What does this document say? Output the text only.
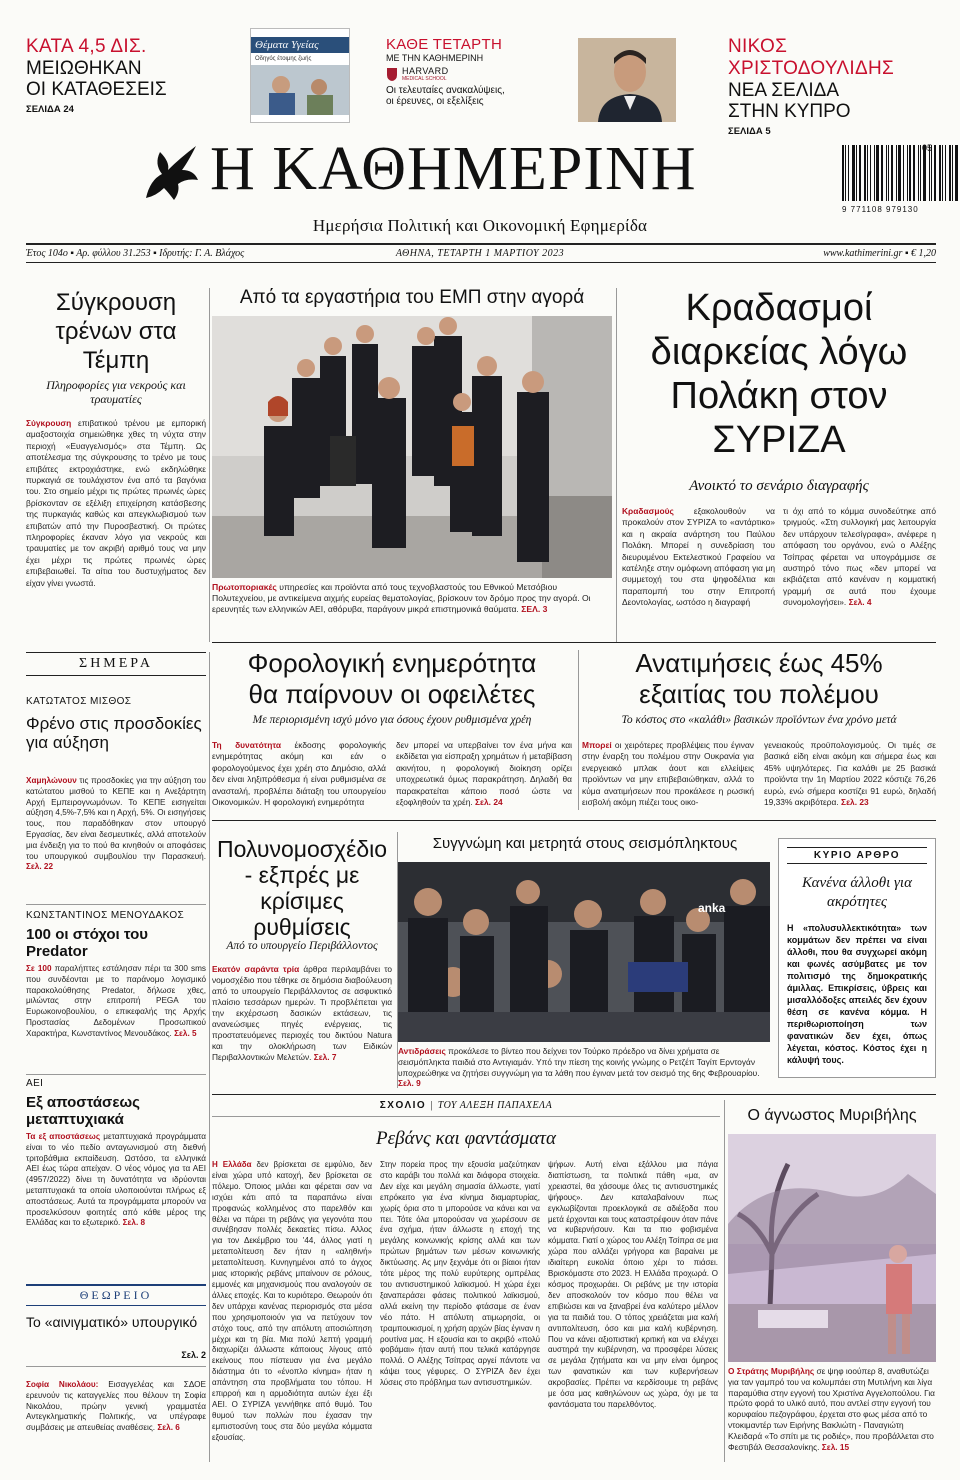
ΚΑΤΑ 4,5 ΔΙΣ.
ΜΕΙΩΘΗΚΑΝ
ΟΙ ΚΑΤΑΘΕΣΕΙΣ
ΣΕΛΙΔΑ 24
Θέματα Υγείας
Οδηγός έτοιμης ζωής
ΚΑΘΕ ΤΕΤΑΡΤΗ
ΜΕ ΤΗΝ ΚΑΘΗΜΕΡΙΝΗ
HARVARD
MEDICAL SCHOOL
Οι τελευταίες ανακαλύψεις,
οι έρευνες, οι εξελίξεις
ΝΙΚΟΣ ΧΡΙΣΤΟΔΟΥΛΙΔΗΣ
ΝΕΑ ΣΕΛΙΔΑ
ΣΤΗΝ ΚΥΠΡΟ
ΣΕΛΙΔΑ 5
Η ΚΑΘΗΜΕΡΙΝΗ
Ημερήσια Πολιτική και Οικονομική Εφημερίδα
9 771108 979130
05
Έτος 104ο ▪ Αρ. φύλλου 31.253 ▪ Ιδρυτής: Γ. Α. Βλάχος	ΑΘΗΝΑ, ΤΕΤΑΡΤΗ 1 ΜΑΡΤΙΟΥ 2023	www.kathimerini.gr ▪ € 1,20
Σύγκρουση τρένων στα Τέμπη
Πληροφορίες για νεκρούς και τραυματίες
Σύγκρουση επιβατικού τρένου με εμπορική αμαξοστοιχία σημειώθηκε χθες τη νύχτα στην περιοχή «Ευαγγελισμός» στα Τέμπη. Ως αποτέλεσμα της σύγκρουσης το τρένο με τους επιβάτες εκτροχιάστηκε, ενώ εκδηλώθηκε πυρκαγιά σε τουλάχιστον ένα από τα βαγόνια του. Στο σημείο μέχρι τις πρώτες πρωινές ώρες βρίσκονταν σε εξέλιξη επιχείρηση κατάσβεσης της πυρκαγιάς καθώς και απεγκλωβισμού των επιβατών από την Πυροσβεστική. Οι πρώτες πληροφορίες έκαναν λόγο για νεκρούς και τραυματίες με τον ακριβή αριθμό τους να μην έχει μέχρι τις πρώτες πρωινές ώρες επιβεβαιωθεί. Τα αίτια του δυστυχήματος δεν είχαν γίνει γνωστά.
Από τα εργαστήρια του ΕΜΠ στην αγορά
Πρωτοποριακές υπηρεσίες και προϊόντα από τους τεχνοβλαστούς του Εθνικού Μετσόβιου Πολυτεχνείου, με αντικείμενα αιχμής ευρείας θεματολογίας, βρίσκουν τον δρόμο προς την αγορά. Οι ερευνητές των ελληνικών ΑΕΙ, αθόρυβα, παράγουν μικρά επιστημονικά θαύματα. ΣΕΛ. 3
Κραδασμοί διαρκείας λόγω Πολάκη στον ΣΥΡΙΖΑ
Ανοικτό το σενάριο διαγραφής
Κραδασμούς εξακολουθούν να προκαλούν στον ΣΥΡΙΖΑ το «αντάρτικο» και η ακραία ανάρτηση του Παύλου Πολάκη. Μπορεί η συνεδρίαση του διευρυμένου Εκτελεστικού Γραφείου να κατέληξε στην ομόφωνη απόφαση για μη συμμετοχή του στα ψηφοδέλτια και παραπομπή του στην Επιτροπή Δεοντολογίας, ωστόσο η διαγραφή
τι όχι από το κόμμα συνοδεύτηκε από τριγμούς. «Στη συλλογική μας λειτουργία δεν υπάρχουν τελεσίγραφα», ανέφερε η απόφαση του οργάνου, ενώ ο Αλέξης Τσίπρας φέρεται να υπογράμμισε σε αυστηρό τόνο πως «δεν μπορεί να εκβιάζεται από κανέναν η κομματική γραμμή σε αυτά που έχουμε συνομολογήσει». Σελ. 4
ΣΗΜΕΡΑ
ΚΑΤΩΤΑΤΟΣ ΜΙΣΘΟΣ
Φρένο στις προσδοκίες για αύξηση
Χαμηλώνουν τις προσδοκίες για την αύξηση του κατώτατου μισθού το ΚΕΠΕ και η Ανεξάρτητη Αρχή Εμπειρογνωμόνων. Το ΚΕΠΕ εισηγείται αύξηση 4,5%-7,5% και η Αρχή, 5%. Οι εισηγήσεις τους, που παραδόθηκαν στον υπουργό Εργασίας, δεν είναι δεσμευτικές, αλλά αποτελούν μια ένδειξη για το πού θα κινηθούν οι αποφάσεις του υπουργικού συμβουλίου την Παρασκευή. Σελ. 22
ΚΩΝΣΤΑΝΤΙΝΟΣ ΜΕΝΟΥΔΑΚΟΣ
100 οι στόχοι του Predator
Σε 100 παραλήπτες εστάλησαν πέρι τα 300 sms που συνδέονται με το παράνομο λογισμικό παρακολούθησης Predator, δήλωσε χθες, μιλώντας στην επιτροπή PEGA του Ευρωκοινοβουλίου, ο επικεφαλής της Αρχής Προστασίας Δεδομένων Προσωπικού Χαρακτήρα, Κωνσταντίνος Μενουδάκος. Σελ. 5
ΑΕΙ
Εξ αποστάσεως μεταπτυχιακά
Τα εξ αποστάσεως μεταπτυχιακά προγράμματα είναι το νέο πεδίο ανταγωνισμού στη διεθνή τριτοβάθμια εκπαίδευση. Ωστόσο, τα ελληνικά ΑΕΙ έως τώρα απείχαν. Ο νέος νόμος για τα ΑΕΙ (4957/2022) δίνει τη δυνατότητα να ιδρύονται μεταπτυχιακά τα οποία υλοποιούνται πλήρως εξ αποστάσεως. Αυτά τα προγράμματα μπορούν να προσελκύσουν φοιτητές από κάθε μέρος της Ελλάδας και το εξωτερικό. Σελ. 8
ΘΕΩΡΕΙΟ
Το «αινιγματικό» υπουργικό
Σελ. 2
Σοφία Νικολάου: Εισαγγελέας και ΣΔΟΕ ερευνούν τις καταγγελίες που θέλουν τη Σοφία Νικολάου, πρώην γενική γραμματέα Αντεγκληματικής Πολιτικής, να υπέγραφε συμβάσεις με απευθείας αναθέσεις. Σελ. 6
Φορολογική ενημερότητα
θα παίρνουν οι οφειλέτες
Με περιορισμένη ισχύ μόνο για όσους έχουν ρυθμισμένα χρέη
Τη δυνατότητα έκδοσης φορολογικής ενημερότητας ακόμη και εάν ο φορολογούμενος έχει χρέη στο Δημόσιο, αλλά δεν είναι ληξιπρόθεσμα ή είναι ρυθμισμένα σε ανασταλή, προβλέπει διάταξη του υπουργείου Οικονομικών. Η φορολογική ενημερότητα
δεν μπορεί να υπερβαίνει τον ένα μήνα και εκδίδεται για είσπραξη χρημάτων ή μεταβίβαση ακινήτου, η φορολογική διοίκηση ορίζει υποχρεωτικά όμως παρακράτηση. Δηλαδή θα παρακρατείται κάποιο ποσό ώστε να εξοφληθούν τα χρέη. Σελ. 24
Ανατιμήσεις έως 45%
εξαιτίας του πολέμου
Το κόστος στο «καλάθι» βασικών προϊόντων ένα χρόνο μετά
Μπορεί οι χειρότερες προβλέψεις που έγιναν στην έναρξη του πολέμου στην Ουκρανία για ενεργειακό μπλακ άουτ και ελλείψεις προϊόντων να μην επιβεβαιώθηκαν, αλλά το κύμα ανατιμήσεων που προκάλεσε η ρωσική εισβολή ακόμη πιέζει τους οικο-
γενειακούς προϋπολογισμούς. Οι τιμές σε βασικά είδη είναι ακόμη και σήμερα έως και 45% υψηλότερες. Για καλάθι με 25 βασικά προϊόντα την 1η Μαρτίου 2022 κόστιζε 76,26 ευρώ, ενώ σήμερα κοστίζει 91 ευρώ, δηλαδή 19,33% ακριβότερα. Σελ. 23
Πολυνομοσχέδιο - εξπρές με κρίσιμες ρυθμίσεις
Από το υπουργείο Περιβάλλοντος
Εκατόν σαράντα τρία άρθρα περιλαμβάνει το νομοσχέδιο που τέθηκε σε δημόσια διαβούλευση από το υπουργείο Περιβάλλοντος σε ασφυκτικό πλαίσιο τεσσάρων ημερών. Τι προβλέπεται για την εκχέρσωση δασικών εκτάσεων, τις ανανεώσιμες πηγές ενέργειας, τις προστατευόμενες περιοχές του δικτύου Natura και την ολοκλήρωση των Ειδικών Περιβαλλοντικών Μελετών. Σελ. 7
Συγγνώμη και μετρητά στους σεισμόπληκτους
anka
Αντιδράσεις προκάλεσε το βίντεο που δείχνει τον Τούρκο πρόεδρο να δίνει χρήματα σε σεισμόπληκτα παιδιά στο Αντιγιαμάν. Υπό την πίεση της κοινής γνώμης ο Ρετζέπ Ταγίπ Ερντογάν υποχρεώθηκε να ζητήσει συγγνώμη για τα λάθη που έγιναν μετά τον σεισμό της 6ης Φεβρουαρίου. Σελ. 9
ΚΥΡΙΟ ΑΡΘΡΟ
Κανένα άλλοθι για ακρότητες
Η «πολυσυλλεκτικότητα» των κομμάτων δεν πρέπει να είναι άλλοθι, που θα συγχωρεί ακόμη και φωνές ασύμβατες με τον πολιτισμό της δημοκρατικής άμιλλας. Επικρίσεις, ύβρεις και μισαλλόδοξες απειλές δεν έχουν θέση σε κανένα κόμμα. Η περιθωριοποίηση των φανατικών δεν έχει, όπως λέγεται, κόστος. Κόστος έχει η κάλυψή τους.
ΣΧΟΛΙΟ | ΤΟΥ ΑΛΕΞΗ ΠΑΠΑΧΕΛΑ
Ρεβάνς και φαντάσματα
Η Ελλάδα δεν βρίσκεται σε εμφύλιο, δεν είναι χώρα υπό κατοχή, δεν βρίσκεται σε πόλεμο. Όποιος μιλάει και φέρεται σαν να ισχύει κάτι από τα παραπάνω είναι προφανώς κολλημένος στο παρελθόν και θέλει να πάρει τη ρεβάνς για γεγονότα που συνέβησαν πολλές δεκαετίες πίσω. Αλλος για τον Δεκέμβριο του '44, άλλος γιατί η μεταπολίτευση δεν ήταν η «αληθινή» μεταπολίτευση. Κυνηγημένοι από το άγχος μιας ιστορικής ρεβάνς μπαίνουν σε ρόλους, εμμονές και μηχανισμούς που αναλογούν σε άλλες εποχές. Και το κυριότερο. Θεωρούν ότι δεν υπάρχει κανένας περιορισμός στα μέσα που χρησιμοποιούν για να πετύχουν τον στόχο τους, από την απόλυτη αποσιώπηση μέχρι και τη βία. Μια πολύ λεπτή γραμμή διαχωρίζει άλλωστε κάποιους λίγους από εκείνους που πίστευαν για ένα μεγάλο διάστημα ότι το «ένοπλο κίνημα» ήταν η απάντηση στα προβλήματα του τόπου. Η επιρροή και η αρμοδιότητα αυτών έχει έξι ΑΕΙ. Ο ΣΥΡΙΖΑ γεννήθηκε από θυμό. Του θυμού των πολλών που έχασαν την εμπιστοσύνη τους στα δύο μεγάλα κόμματα εξουσίας.
Στην πορεία προς την εξουσία μαζεύτηκαν στο καράβι του πολλά και διάφορα στοιχεία. Δεν είχε και μεγάλη σημασία άλλωστε, γιατί επρόκειτο για ένα κίνημα διαμαρτυρίας, χωρίς όρια στο τι μπορούσε να κάνει και να πει. Τότε όλα μπορούσαν να χωρέσουν σε ένα σχήμα, ήταν άλλωστε η εποχή της μεγάλης κοινωνικής κρίσης αλλά και των πρώτων βημάτων των μέσων κοινωνικής δικτύωσης. Ας μην ξεχνάμε ότι οι βίαιοι ήταν τότε μέρος της πολύ ευρύτερης ομπρέλας του αντισυστημικού λαϊκισμού. Η χώρα έχει ξαναπεράσει φάσεις πολιτικού λαϊκισμού, αλλά εκείνη την περίοδο φτάσαμε σε έναν νέο πάτο. Η απόλυτη ατιμωρησία, οι τραμπουκισμοί, η χρήση αρχών βίας έγιναν η ρουτίνα μας. Η εξουσία και το ακριβό «πολύ φοβάμαι» ήταν αυτή που τελικά κατάργησε πολλά. Ο Αλέξης Τσίπρας αργεί πάντοτε να κάψει τους γέφυρες. Ο ΣΥΡΙΖΑ δεν έχει λύσεις στο πρόβλημα των αντισυστημικών.
ψήφων. Αυτή είναι εξάλλου μια πάγια διαπίστωση, τα πολιτικά πάθη «μα, αν χρειαστεί, θα χάσουμε όλες τις αντισυστημικές ψήφους». Δεν καταλαβαίνουν πως εγκλωβίζονται προεκλογικά σε αδιέξοδα που μετά έρχονται και τους καταστρέφουν όταν πάνε να κυβερνήσουν. Και τα πιο φοβισμένα κόμματα. Γιατί ο χώρος του Αλέξη Τσίπρα σε μια χώρα που αλλάζει γρήγορα και βαραίνει με ιδιαίτερη ευκολία όποιο χέρι το πιάσει. Βρισκόμαστε στο 2023. Η Ελλάδα προχωρά. Ο κόσμος προχωράει. Οι ρεβάνς με την ιστορία δεν αποσκολούν τον κόσμο που θέλει να επιβιώσει και να ξαναβρεί ένα καλύτερο μέλλον για τα παιδιά του. Ο τόπος χρειάζεται μια καλή αντιπολίτευση, όσο και μια καλή κυβέρνηση. Που να κάνει αξιοπιστική κριτική και να ελέγχει αυστηρά την κυβέρνηση, να προσφέρει λύσεις σε μεγάλα ζητήματα και να μην είναι όμηρος των φανατικών και των κυβερνήσεων ακροβασίες. Πρέπει να κερδίσουμε τη ρεβάνς με όσα μας καθηλώνουν ως χώρα, όχι με τα φαντάσματα του παρελθόντος.
Ο άγνωστος Μυριβήλης
Ο Στράτης Μυριβήλης σε ψηφ ιοούπερ 8, αναθυτώζει για ταν γαμπρό του να κολυμπάει στη Μυτιλήνη και λίγα παραμύθια στην εγγονή του Χριστίνα Αγγελοπούλου. Για πρώτο φορά το υλικό αυτό, που αντλεί στην εγγονή του κορυφαίου πεζογράφου, έρχεται στο φως μέσα από το ντοκιμαντέρ των Ειρήνης Βακλιώτη - Παναγιώτη Κλειδαρά «Το σπίτι με τις ροδιές», που προβάλλεται στο Φεστιβάλ Θεσσαλονίκης. Σελ. 15
